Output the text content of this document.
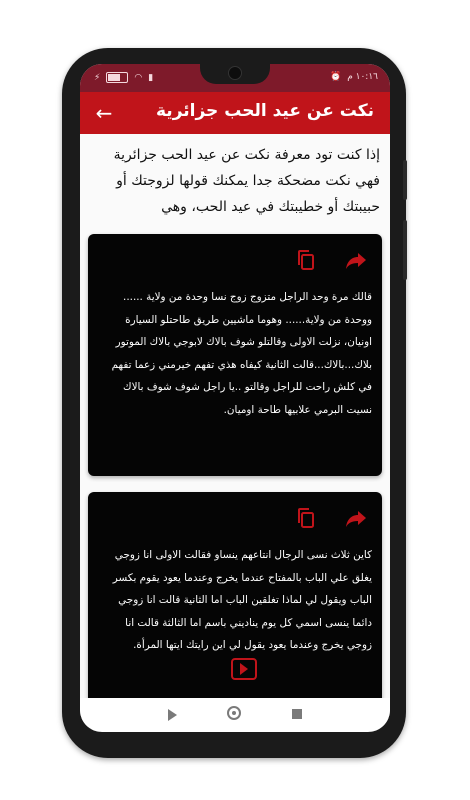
⚡	◠ ▮	⏰ ١٠:١٦ م
←	نكت عن عيد الحب جزائرية
إذا كنت تود معرفة نكت عن عيد الحب جزائرية فهي نكت مضحكة جدا يمكنك قولها لزوجتك أو حبيبتك أو خطيبتك في عيد الحب، وهي
قالك مرة وحد الراجل متزوج زوج نسا وحدة من ولاية ...... ووحدة من ولاية...... وهوما ماشيين طريق طاحتلو السيارة اونيان، نزلت الاولى وقالتلو شوف بالاك لابوجي بالاك الموتور بلاك...بالاك...قالت الثانية كيفاه هذي تفهم خيرمني زعما تفهم في كلش راحت للراجل وقالتو ..يا راجل شوف شوف بالاك نسيت البرمي علابيها طاحة اوميان.
كاين ثلاث نسى الرجال انتاعهم ينساو فقالت الاولى انا زوجي يغلق علي الباب بالمفتاح عندما يخرج وعندما يعود يقوم بكسر الباب ويقول لي لماذا تغلقين الباب اما الثانية قالت انا زوجي دائما ينسى اسمي كل يوم يناديني باسم اما الثالثة قالت انا زوجي يخرج وعندما يعود يقول لي اين رايتك ايتها المرأة.
